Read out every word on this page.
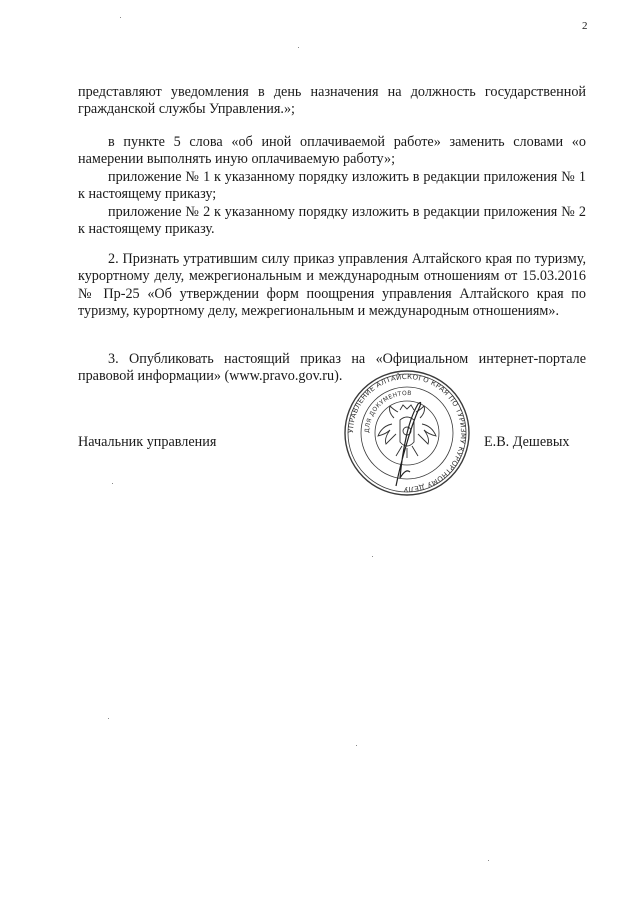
2

представляют уведомления в день назначения на должность государственной гражданской службы Управления.»;

в пункте 5 слова «об иной оплачиваемой работе» заменить словами «о намерении выполнять иную оплачиваемую работу»;

приложение № 1 к указанному порядку изложить в редакции приложения № 1 к настоящему приказу;

приложение № 2 к указанному порядку изложить в редакции приложения № 2 к настоящему приказу.

2. Признать утратившим силу приказ управления Алтайского края по туризму, курортному делу, межрегиональным и международным отношениям от 15.03.2016 № Пр-25 «Об утверждении форм поощрения управления Алтайского края по туризму, курортному делу, межрегиональным и международным отношениям».

3. Опубликовать настоящий приказ на «Официальном интернет-портале правовой информации» (www.pravo.gov.ru).

Начальник управления
УПРАВЛЕНИЕ АЛТАЙСКОГО КРАЯ ПО ТУРИЗМУ КУРОРТНОМУ ДЕЛУ
ДЛЯ ДОКУМЕНТОВ
Е.В. Дешевых
